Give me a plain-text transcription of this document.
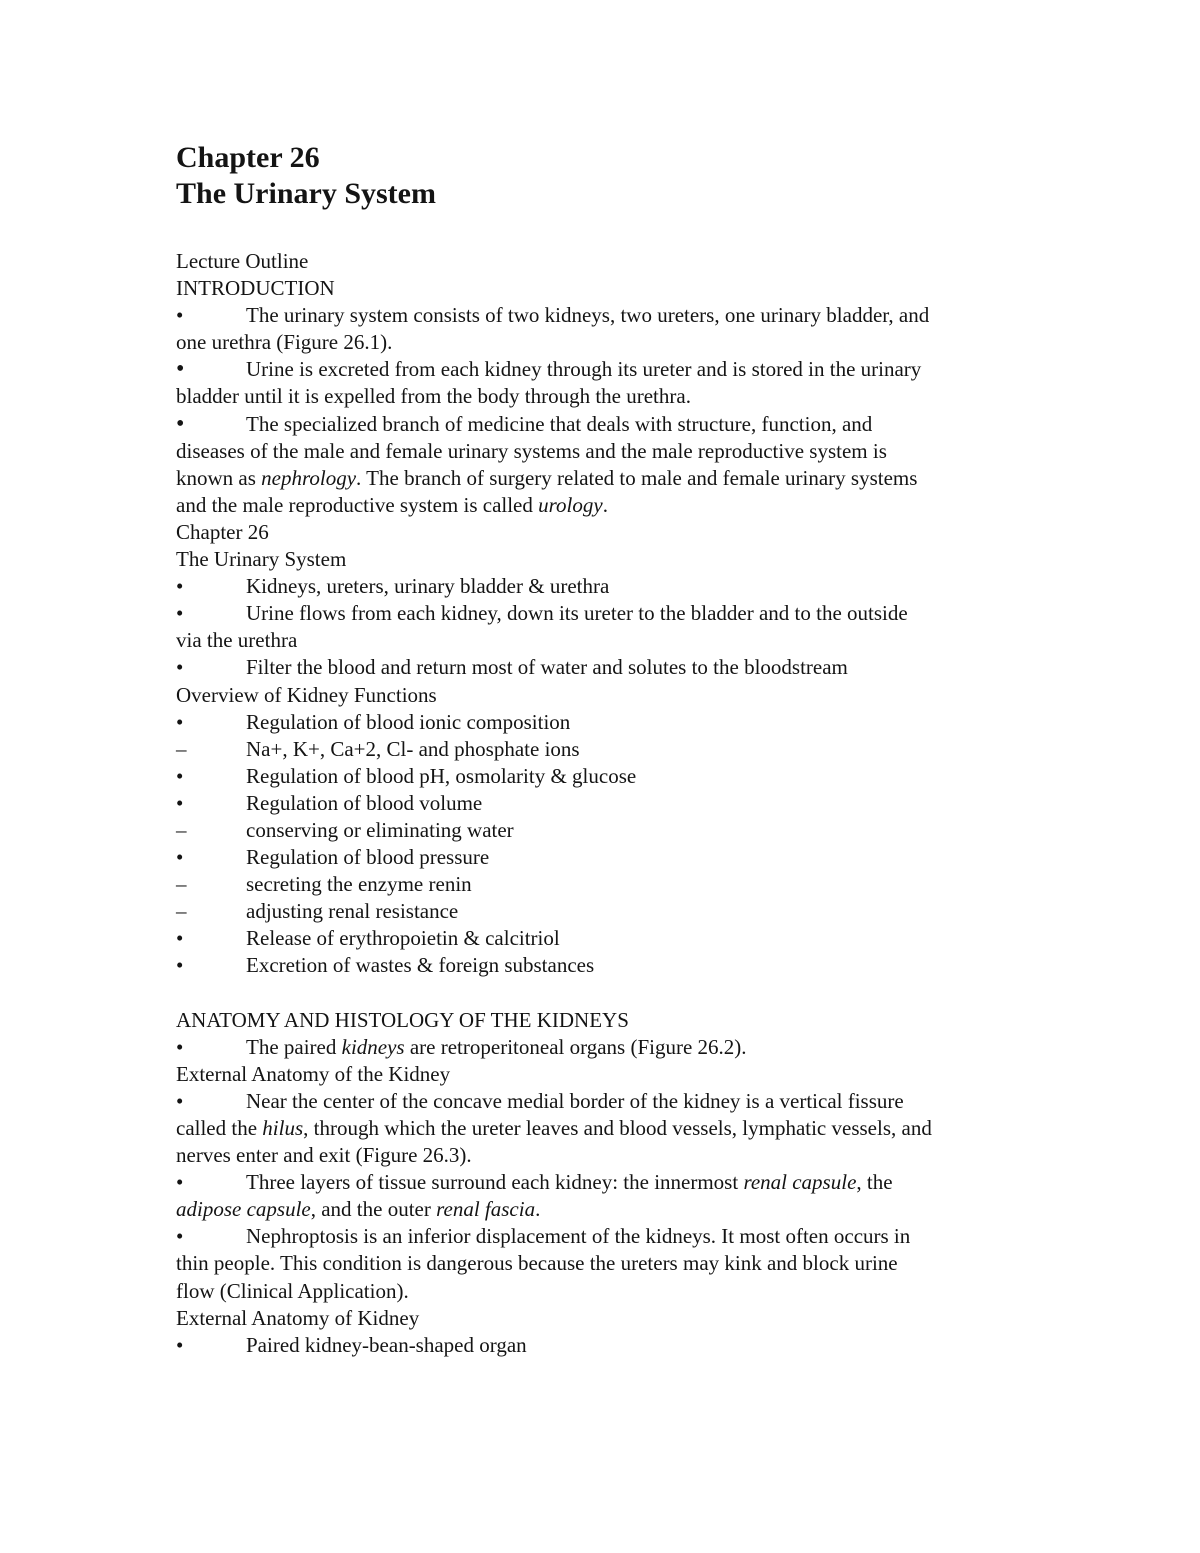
Chapter 26
The Urinary System
Lecture Outline
INTRODUCTION
•	The urinary system consists of two kidneys, two ureters, one urinary bladder, and
one urethra (Figure 26.1).
•	Urine is excreted from each kidney through its ureter and is stored in the urinary
bladder until it is expelled from the body through the urethra.
•	The specialized branch of medicine that deals with structure, function, and
diseases of the male and female urinary systems and the male reproductive system is
known as nephrology. The branch of surgery related to male and female urinary systems
and the male reproductive system is called urology.
Chapter 26
The Urinary System
•	Kidneys, ureters, urinary bladder & urethra
•	Urine flows from each kidney, down its ureter to the bladder and to the outside
via the urethra
•	Filter the blood and return most of water and solutes to the bloodstream
Overview of Kidney Functions
•	Regulation of blood ionic composition
–	Na+, K+, Ca+2, Cl- and phosphate ions
•	Regulation of blood pH, osmolarity & glucose
•	Regulation of blood volume
–	conserving or eliminating water
•	Regulation of blood pressure
–	secreting the enzyme renin
–	adjusting renal resistance
•	Release of erythropoietin & calcitriol
•	Excretion of wastes & foreign substances
ANATOMY AND HISTOLOGY OF THE KIDNEYS
•	The paired kidneys are retroperitoneal organs (Figure 26.2).
External Anatomy of the Kidney
•	Near the center of the concave medial border of the kidney is a vertical fissure
called the hilus, through which the ureter leaves and blood vessels, lymphatic vessels, and
nerves enter and exit (Figure 26.3).
•	Three layers of tissue surround each kidney: the innermost renal capsule, the
adipose capsule, and the outer renal fascia.
•	Nephroptosis is an inferior displacement of the kidneys. It most often occurs in
thin people. This condition is dangerous because the ureters may kink and block urine
flow (Clinical Application).
External Anatomy of Kidney
•	Paired kidney-bean-shaped organ
